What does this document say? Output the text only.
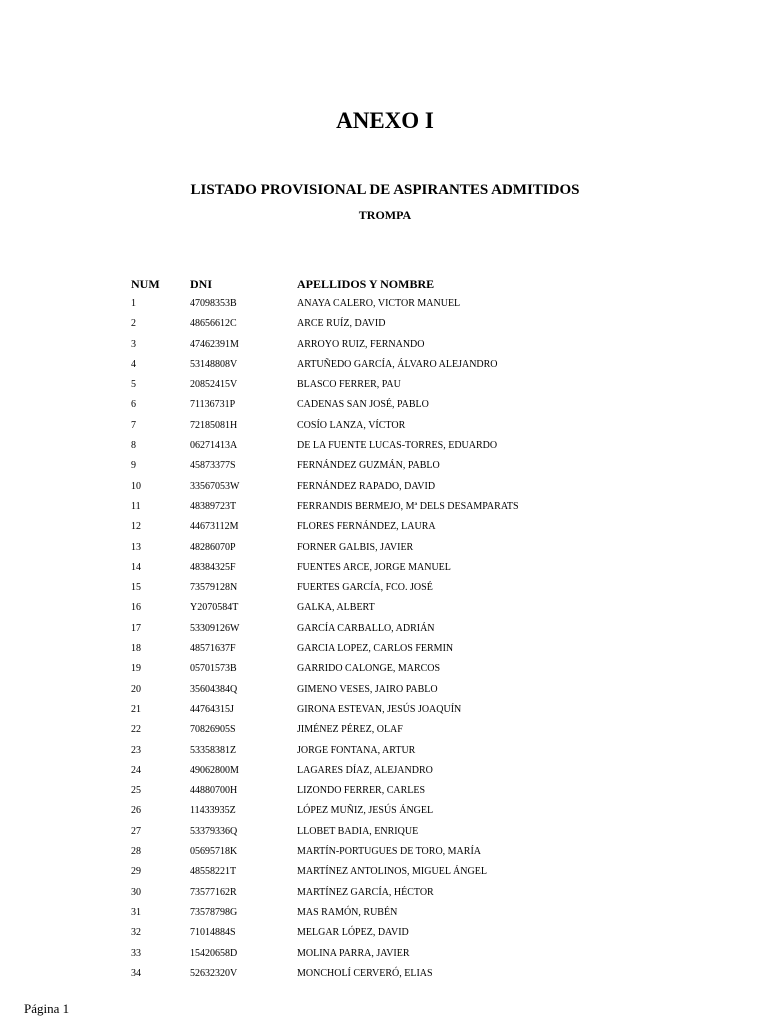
ANEXO I
LISTADO PROVISIONAL DE ASPIRANTES ADMITIDOS
TROMPA
NUM	DNI	APELLIDOS Y NOMBRE
1	47098353B	ANAYA CALERO, VICTOR MANUEL
2	48656612C	ARCE RUÍZ, DAVID
3	47462391M	ARROYO RUIZ, FERNANDO
4	53148808V	ARTUÑEDO GARCÍA, ÁLVARO ALEJANDRO
5	20852415V	BLASCO FERRER, PAU
6	71136731P	CADENAS SAN JOSÉ, PABLO
7	72185081H	COSÍO LANZA, VÍCTOR
8	06271413A	DE LA FUENTE LUCAS-TORRES, EDUARDO
9	45873377S	FERNÁNDEZ GUZMÁN, PABLO
10	33567053W	FERNÁNDEZ RAPADO, DAVID
11	48389723T	FERRANDIS BERMEJO, Mª DELS DESAMPARATS
12	44673112M	FLORES FERNÁNDEZ, LAURA
13	48286070P	FORNER GALBIS, JAVIER
14	48384325F	FUENTES ARCE, JORGE MANUEL
15	73579128N	FUERTES GARCÍA, FCO. JOSÉ
16	Y2070584T	GALKA, ALBERT
17	53309126W	GARCÍA CARBALLO, ADRIÁN
18	48571637F	GARCIA LOPEZ, CARLOS FERMIN
19	05701573B	GARRIDO CALONGE, MARCOS
20	35604384Q	GIMENO VESES, JAIRO PABLO
21	44764315J	GIRONA ESTEVAN, JESÚS JOAQUÍN
22	70826905S	JIMÉNEZ PÉREZ, OLAF
23	53358381Z	JORGE FONTANA, ARTUR
24	49062800M	LAGARES DÍAZ, ALEJANDRO
25	44880700H	LIZONDO FERRER, CARLES
26	11433935Z	LÓPEZ MUÑIZ, JESÚS ÁNGEL
27	53379336Q	LLOBET BADIA, ENRIQUE
28	05695718K	MARTÍN-PORTUGUES DE TORO, MARÍA
29	48558221T	MARTÍNEZ ANTOLINOS, MIGUEL ÁNGEL
30	73577162R	MARTÍNEZ GARCÍA, HÉCTOR
31	73578798G	MAS RAMÓN, RUBÉN
32	71014884S	MELGAR LÓPEZ, DAVID
33	15420658D	MOLINA PARRA, JAVIER
34	52632320V	MONCHOLÍ CERVERÓ, ELIAS
Página 1
